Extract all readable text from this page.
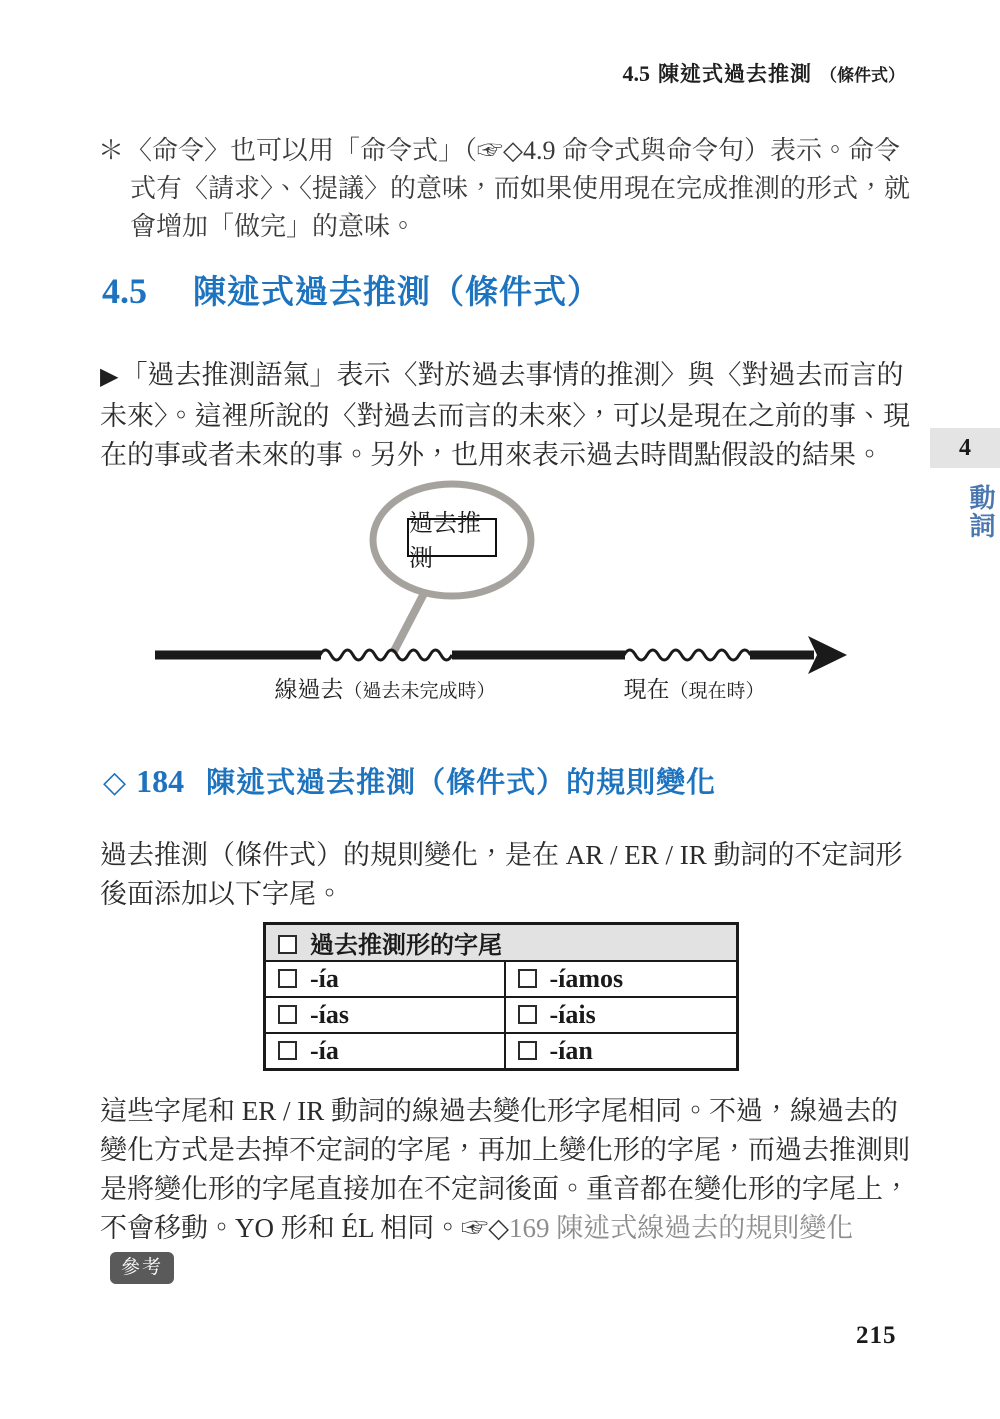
4.5 陳述式過去推測 （條件式）

＊〈命令〉也可以用「命令式」（☞◇4.9 命令式與命令句）表示。命令式有〈請求〉、〈提議〉的意味，而如果使用現在完成推測的形式，就會增加「做完」的意味。

4.5 陳述式過去推測（條件式）

▶「過去推測語氣」表示〈對於過去事情的推測〉與〈對過去而言的未來〉。這裡所說的〈對過去而言的未來〉，可以是現在之前的事、現在的事或者未來的事。另外，也用來表示過去時間點假設的結果。

過去推測
線過去（過去未完成時）	現在（現在時）
4
動詞
◇ 184 陳述式過去推測（條件式）的規則變化

過去推測（條件式）的規則變化，是在 AR / ER / IR 動詞的不定詞形後面添加以下字尾。

過去推測形的字尾	
-ía	-íamos
-ías	-íais
-ía	-ían

這些字尾和 ER / IR 動詞的線過去變化形字尾相同。不過，線過去的變化方式是去掉不定詞的字尾，再加上變化形的字尾，而過去推測則是將變化形的字尾直接加在不定詞後面。重音都在變化形的字尾上，不會移動。YO 形和 ÉL 相同。☞◇169 陳述式線過去的規則變化參考

215
